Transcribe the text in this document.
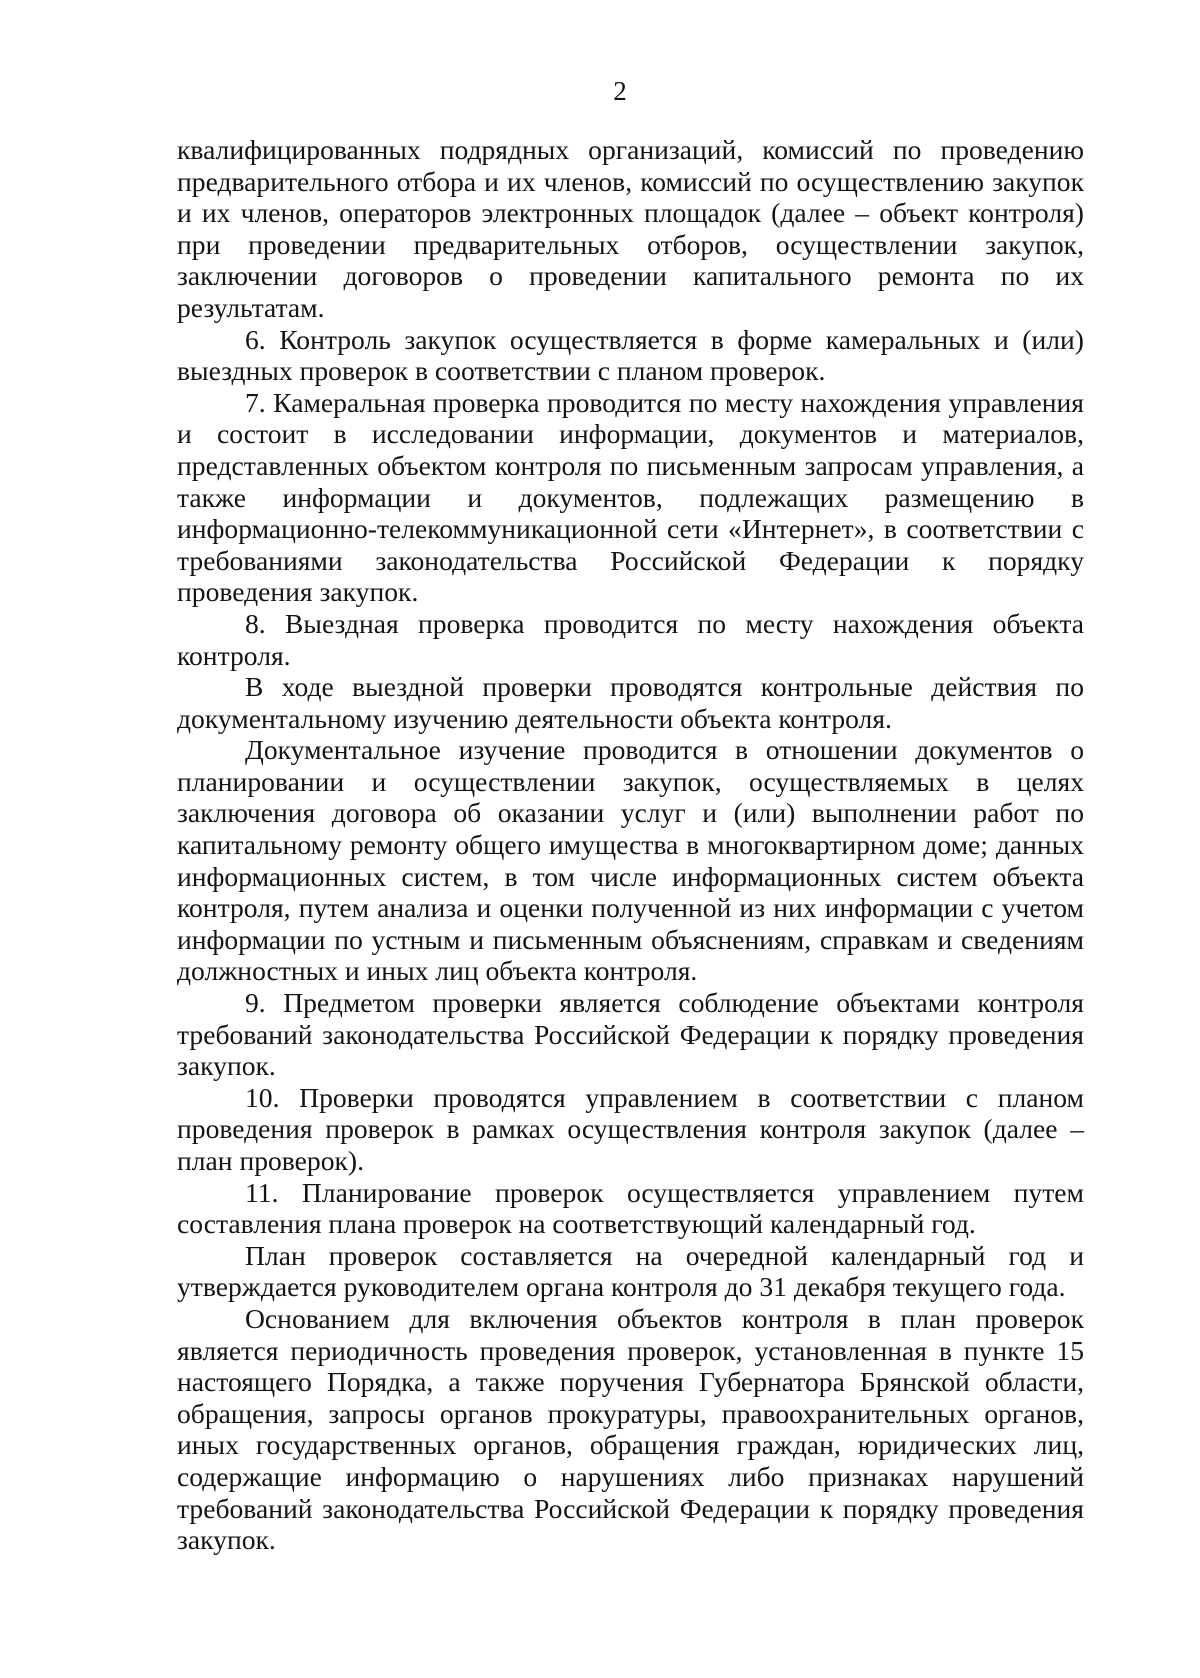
2

квалифицированных подрядных организаций, комиссий по проведению предварительного отбора и их членов, комиссий по осуществлению закупок и их членов, операторов электронных площадок (далее – объект контроля) при проведении предварительных отборов, осуществлении закупок, заключении договоров о проведении капитального ремонта по их результатам.

6. Контроль закупок осуществляется в форме камеральных и (или) выездных проверок в соответствии с планом проверок.

7. Камеральная проверка проводится по месту нахождения управления и состоит в исследовании информации, документов и материалов, представленных объектом контроля по письменным запросам управления, а также информации и документов, подлежащих размещению в информационно-телекоммуникационной сети «Интернет», в соответствии с требованиями законодательства Российской Федерации к порядку проведения закупок.

8. Выездная проверка проводится по месту нахождения объекта контроля.

В ходе выездной проверки проводятся контрольные действия по документальному изучению деятельности объекта контроля.

Документальное изучение проводится в отношении документов о планировании и осуществлении закупок, осуществляемых в целях заключения договора об оказании услуг и (или) выполнении работ по капитальному ремонту общего имущества в многоквартирном доме; данных информационных систем, в том числе информационных систем объекта контроля, путем анализа и оценки полученной из них информации с учетом информации по устным и письменным объяснениям, справкам и сведениям должностных и иных лиц объекта контроля.

9. Предметом проверки является соблюдение объектами контроля требований законодательства Российской Федерации к порядку проведения закупок.

10. Проверки проводятся управлением в соответствии с планом проведения проверок в рамках осуществления контроля закупок (далее – план проверок).

11. Планирование проверок осуществляется управлением путем составления плана проверок на соответствующий календарный год.

План проверок составляется на очередной календарный год и утверждается руководителем органа контроля до 31 декабря текущего года.

Основанием для включения объектов контроля в план проверок является периодичность проведения проверок, установленная в пункте 15 настоящего Порядка, а также поручения Губернатора Брянской области, обращения, запросы органов прокуратуры, правоохранительных органов, иных государственных органов, обращения граждан, юридических лиц, содержащие информацию о нарушениях либо признаках нарушений требований законодательства Российской Федерации к порядку проведения закупок.
